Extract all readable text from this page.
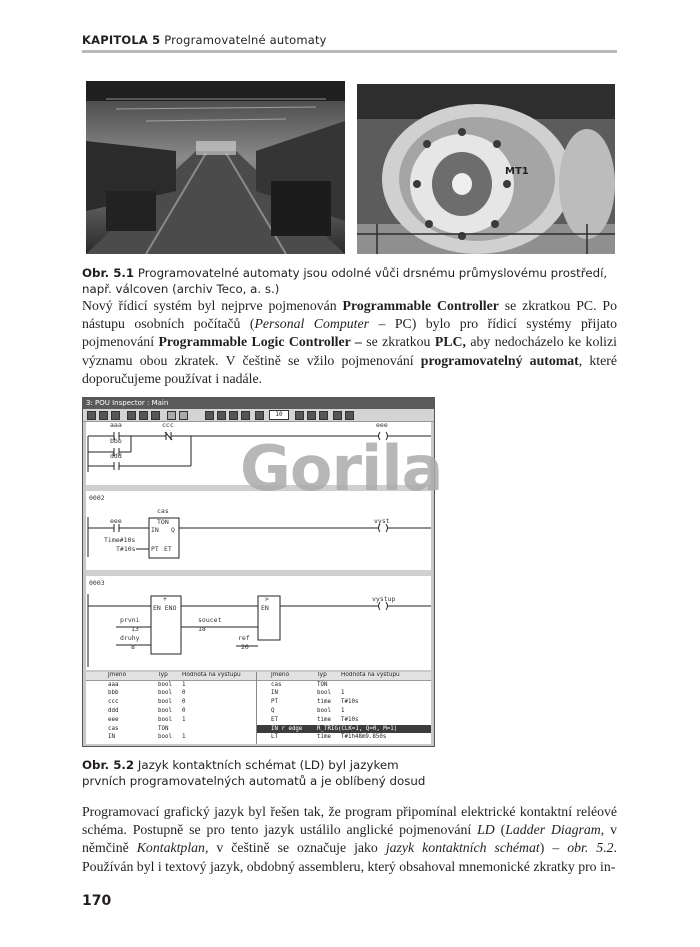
KAPITOLA 5 Programovatelné automaty
MT1
Obr. 5.1 Programovatelné automaty jsou odolné vůči drsnému průmyslovému prostředí,
např. válcoven (archiv Teco, a. s.)
Nový řídicí systém byl nejprve pojmenován Programmable Controller se zkratkou PC. Po nástupu osobních počítačů (Personal Computer – PC) bylo pro řídicí systémy přijato pojmenování Programmable Logic Controller – se zkratkou PLC, aby nedocházelo ke kolizi významu obou zkratek. V češtině se vžilo pojmenování programovatelný automat, které doporučujeme používat i nadále.
3: POU Inspector : Main
10
aaa	ccc
bbb
ddd
eee
0002
cas
eee	TON
IN Q
Time#10s
T#10s PT ET
vyst
0003
+
EN ENO
>
EN
prvni
13
druhy
8
soucet
18
ref
20
vystup
Jméno	Typ Hodnota na výstupu
aaa	bool 1
bbb	bool 0
ccc	bool 0
ddd	bool 0
eee	bool 1
cas	TON
IN	bool 1
Jméno	Typ Hodnota na výstupu
cas	TON
IN	bool 1
PT	time T#10s
Q	bool 1
ET	time T#10s
IN r edge	R_TRIG(CLK=1, Q=0, M=1)
LT	time T#1h48m9.850s
Gorila
Obr. 5.2 Jazyk kontaktních schémat (LD) byl jazykem
prvních programovatelných automatů a je oblíbený dosud
Programovací grafický jazyk byl řešen tak, že program připomínal elektrické kontaktní reléové schéma. Postupně se pro tento jazyk ustálilo anglické pojmenování LD (Ladder Diagram, v němčině Kontaktplan, v češtině se označuje jako jazyk kontaktních schémat) – obr. 5.2. Používán byl i textový jazyk, obdobný assembleru, který obsahoval mnemonické zkratky pro in-
170
